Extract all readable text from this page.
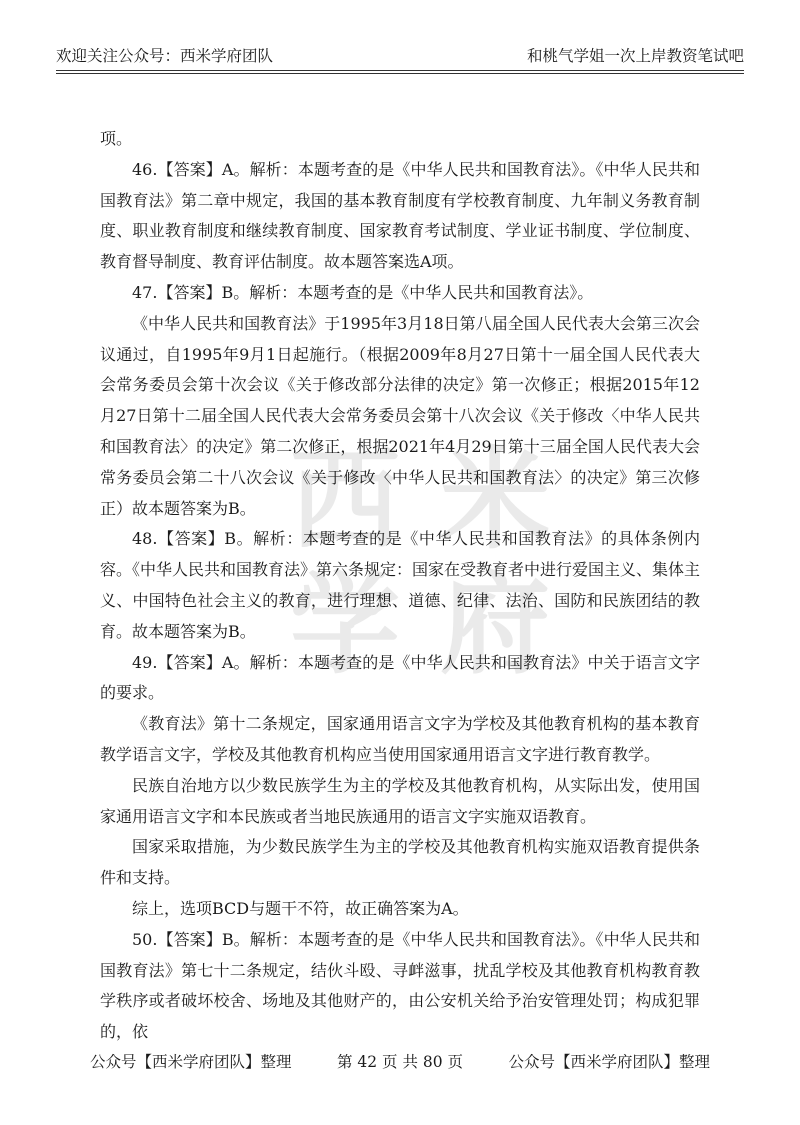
欢迎关注公众号：西米学府团队	和桃气学姐一次上岸教资笔试吧
西 米
学 府

项。

46.【答案】A。解析：本题考查的是《中华人民共和国教育法》。《中华人民共和国教育法》第二章中规定，我国的基本教育制度有学校教育制度、九年制义务教育制度、职业教育制度和继续教育制度、国家教育考试制度、学业证书制度、学位制度、教育督导制度、教育评估制度。故本题答案选A项。

47.【答案】B。解析：本题考查的是《中华人民共和国教育法》。

《中华人民共和国教育法》于1995年3月18日第八届全国人民代表大会第三次会议通过，自1995年9月1日起施行。（根据2009年8月27日第十一届全国人民代表大会常务委员会第十次会议《关于修改部分法律的决定》第一次修正；根据2015年12月27日第十二届全国人民代表大会常务委员会第十八次会议《关于修改〈中华人民共和国教育法〉的决定》第二次修正，根据2021年4月29日第十三届全国人民代表大会常务委员会第二十八次会议《关于修改〈中华人民共和国教育法〉的决定》第三次修正）故本题答案为B。

48.【答案】B。解析：本题考查的是《中华人民共和国教育法》的具体条例内容。《中华人民共和国教育法》第六条规定：国家在受教育者中进行爱国主义、集体主义、中国特色社会主义的教育，进行理想、道德、纪律、法治、国防和民族团结的教育。故本题答案为B。

49.【答案】A。解析：本题考查的是《中华人民共和国教育法》中关于语言文字的要求。

《教育法》第十二条规定，国家通用语言文字为学校及其他教育机构的基本教育教学语言文字，学校及其他教育机构应当使用国家通用语言文字进行教育教学。

民族自治地方以少数民族学生为主的学校及其他教育机构，从实际出发，使用国家通用语言文字和本民族或者当地民族通用的语言文字实施双语教育。

国家采取措施，为少数民族学生为主的学校及其他教育机构实施双语教育提供条件和支持。

综上，选项BCD与题干不符，故正确答案为A。

50.【答案】B。解析：本题考查的是《中华人民共和国教育法》。《中华人民共和国教育法》第七十二条规定，结伙斗殴、寻衅滋事，扰乱学校及其他教育机构教育教学秩序或者破坏校舍、场地及其他财产的，由公安机关给予治安管理处罚；构成犯罪的，依

公众号【西米学府团队】整理	第 42 页 共 80 页	公众号【西米学府团队】整理
